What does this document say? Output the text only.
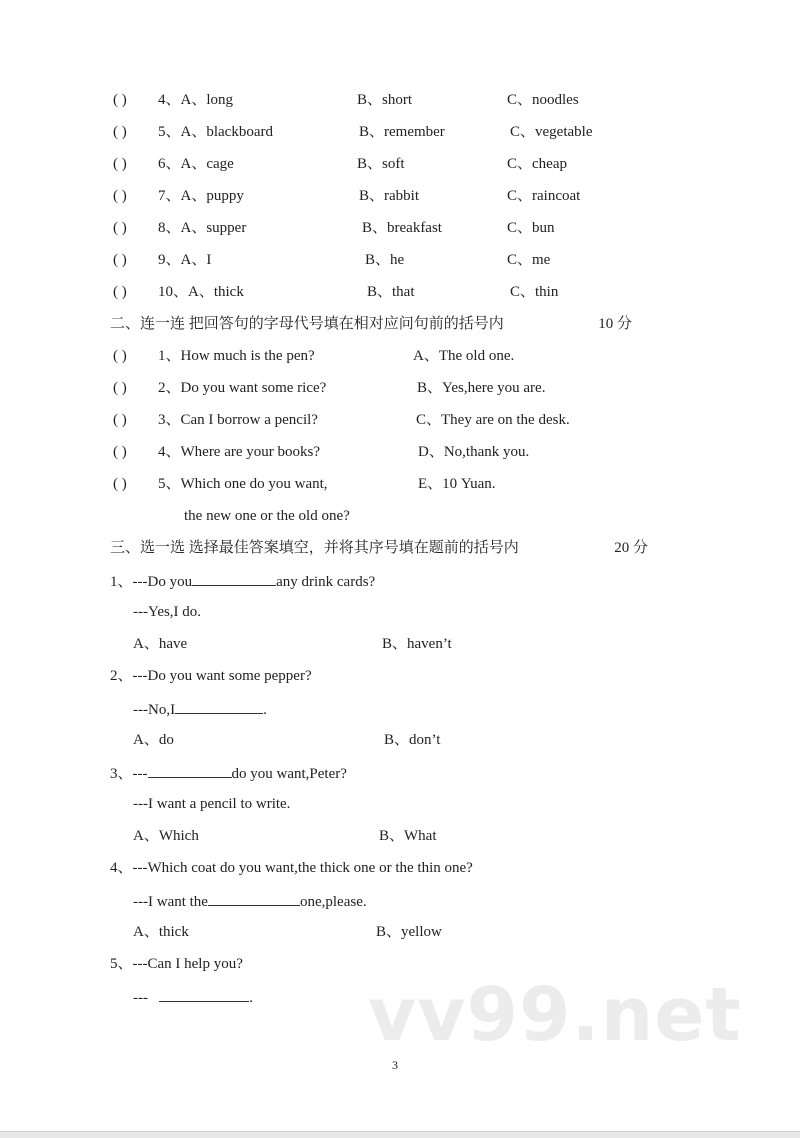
( ) 4、A、long	B、short	C、noodles
( ) 5、A、blackboard	B、remember	C、vegetable
( ) 6、A、cage	B、soft	C、cheap
( ) 7、A、puppy	B、rabbit	C、raincoat
( ) 8、A、supper	B、breakfast	C、bun
( ) 9、A、I	B、he	C、me
( ) 10、A、thick	B、that	C、thin
二、连一连 把回答句的字母代号填在相对应问句前的括号内	10 分
( ) 1、How much is the pen?	A、The old one.
( ) 2、Do you want some rice?	B、Yes,here you are.
( ) 3、Can I borrow a pencil?	C、They are on the desk.
( ) 4、Where are your books?	D、No,thank you.
( ) 5、Which one do you want,	E、10 Yuan.
the new one or the old one?
三、选一选 选择最佳答案填空，并将其序号填在题前的括号内	20 分
1、---Do you	any drink cards?
---Yes,I do.
A、have	B、haven’t
2、---Do you want some pepper?
---No,I	.
A、do	B、don’t
3、---	do you want,Peter?
---I want a pencil to write.
A、Which	B、What
4、---Which coat do you want,the thick one or the thin one?
---I want the	one,please.
A、thick	B、yellow
5、---Can I help you?
---	. vv99.net
3
